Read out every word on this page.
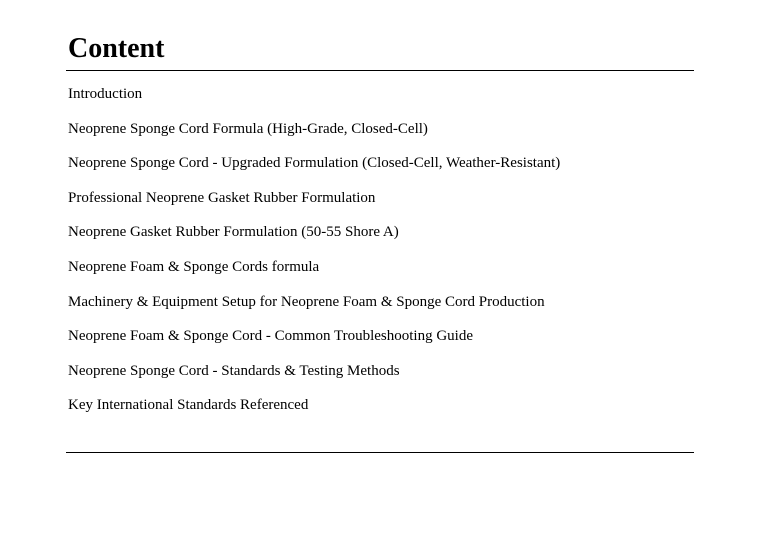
Content
Introduction
Neoprene Sponge Cord Formula (High-Grade, Closed-Cell)
Neoprene Sponge Cord - Upgraded Formulation (Closed-Cell, Weather-Resistant)
Professional Neoprene Gasket Rubber Formulation
Neoprene Gasket Rubber Formulation (50-55 Shore A)
Neoprene Foam & Sponge Cords formula
Machinery & Equipment Setup for Neoprene Foam & Sponge Cord Production
Neoprene Foam & Sponge Cord - Common Troubleshooting Guide
Neoprene Sponge Cord - Standards & Testing Methods
Key International Standards Referenced
